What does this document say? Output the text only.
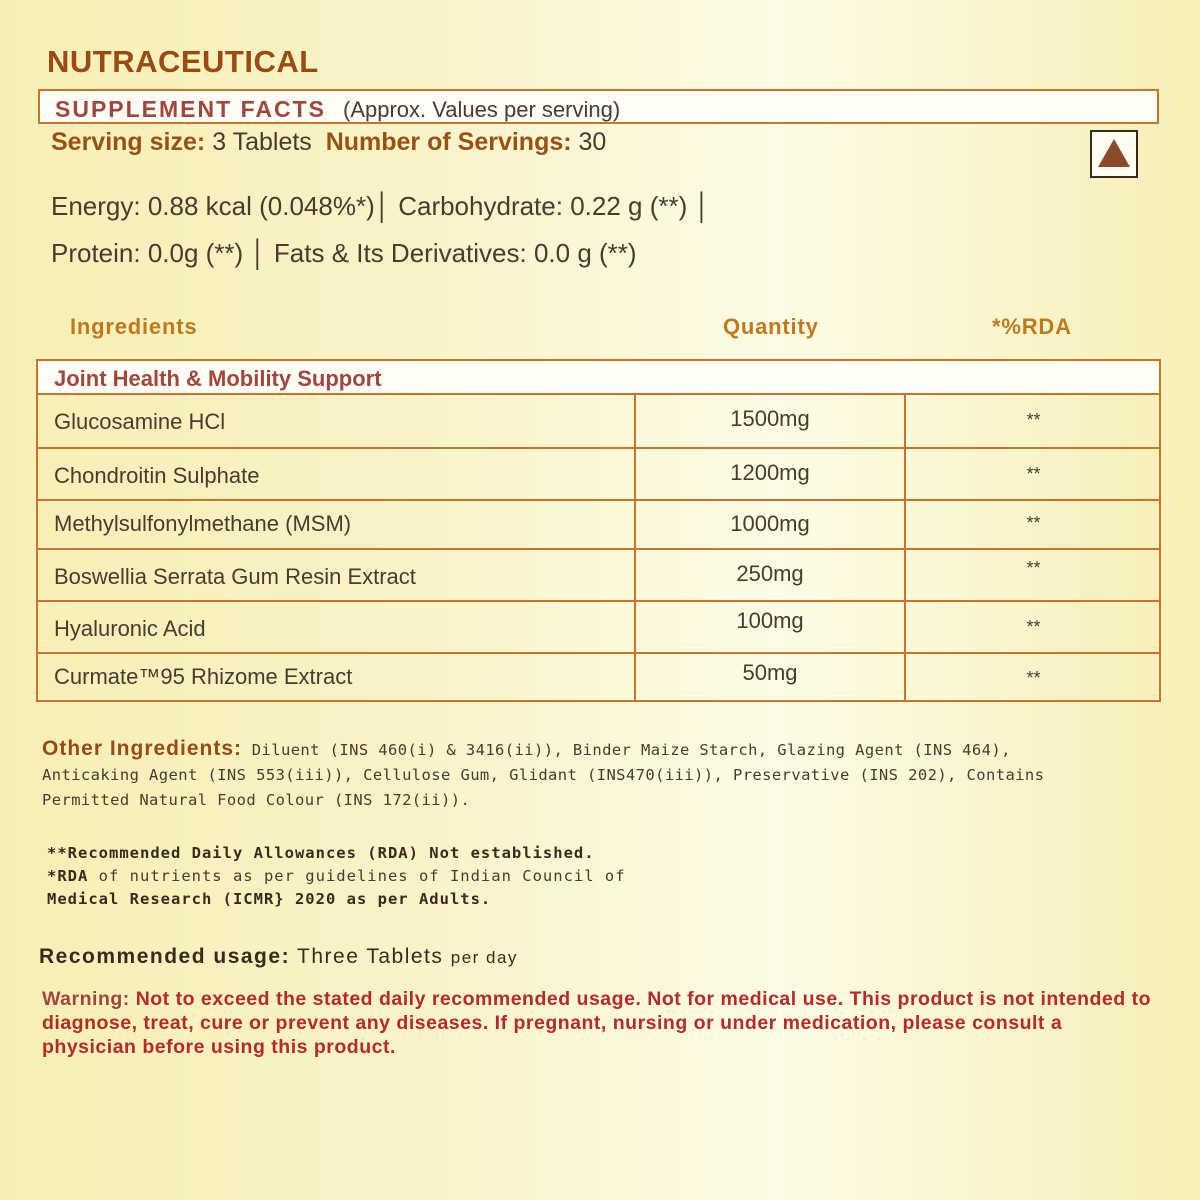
NUTRACEUTICAL
SUPPLEMENT FACTS (Approx. Values per serving)
Serving size: 3 Tablets Number of Servings: 30
Energy: 0.88 kcal (0.048%*)│ Carbohydrate: 0.22 g (**) │
Protein: 0.0g (**) │ Fats & Its Derivatives: 0.0 g (**)
Ingredients	Quantity	*%RDA
Joint Health & Mobility Support
Glucosamine HCl	1500mg	**
Chondroitin Sulphate	1200mg	**
Methylsulfonylmethane (MSM)	1000mg	**
Boswellia Serrata Gum Resin Extract	250mg	**
Hyaluronic Acid	100mg	**
Curmate™95 Rhizome Extract	50mg	**
Other Ingredients: Diluent (INS 460(i) & 3416(ii)), Binder Maize Starch, Glazing Agent (INS 464), Anticaking Agent (INS 553(iii)), Cellulose Gum, Glidant (INS470(iii)), Preservative (INS 202), Contains Permitted Natural Food Colour (INS 172(ii)).
**Recommended Daily Allowances (RDA) Not established.
*RDA of nutrients as per guidelines of Indian Council of
Medical Research (ICMR} 2020 as per Adults.
Recommended usage: Three Tablets per day
Warning: Not to exceed the stated daily recommended usage. Not for medical use. This product is not intended to diagnose, treat, cure or prevent any diseases. If pregnant, nursing or under medication, please consult a physician before using this product.
